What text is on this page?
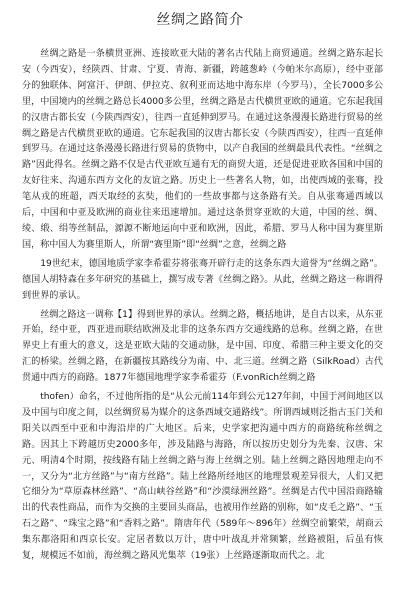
丝绸之路简介

丝绸之路是一条横贯亚洲、连接欧亚大陆的著名古代陆上商贸通道。丝绸之路东起长安（今西安），经陕西、甘肃、宁夏、青海、新疆，跨越葱岭（今帕米尔高原），经中亚部分的独联体、阿富汗、伊朗、伊拉克、叙利亚而达地中海东岸（今罗马），全长7000多公里，中国境内的丝绸之路总长4000多公里，丝绸之路是古代横贯亚欧的通道。它东起我国的汉唐古都长安（今陕西西安），往西一直延伸到罗马。在通过这条漫漫长路进行贸易的丝绸之路是古代横贯亚欧的通道。它东起我国的汉唐古都长安（今陕西西安），往西一直延伸到罗马。在通过这条漫漫长路进行贸易的货物中，以产自我国的丝绸最具代表性。“丝绸之路”因此得名。丝绸之路不仅是古代亚欧互通有无的商贸大道，还是促进亚欧各国和中国的友好往来、沟通东西方文化的友谊之路。历史上一些著名人物，如，出使西域的张骞，投笔从戎的班超，西天取经的玄奘，他们的一些故事都与这条路有关。自从张骞通西域以后，中国和中亚及欧洲的商业往来迅速增加。通过这条贯穿亚欧的大道，中国的丝、绸、绫、缎、绢等丝制品，源源不断地运向中亚和欧洲，因此，希腊、罗马人称中国为赛里斯国，称中国人为赛里斯人，所谓“赛里斯”即“丝绸”之意，丝绸之路

19世纪末，德国地质学家李希霍芬将张骞开辟行走的这条东西大道誉为“丝绸之路”。德国人胡特森在多年研究的基础上，撰写成专著《丝绸之路》。从此，丝绸之路这一称谓得到世界的承认。

丝绸之路这一调称【1】得到世界的承认。丝绸之路，概括地讲，是自古以来，从东亚开始，经中亚，西亚进而联结欧洲及北非的这条东西方交通线路的总称。丝绸之路，在世界史上有重大的意义，这是亚欧大陆的交通动脉，是中国、印度、希腊三种主要文化的交汇的桥梁。丝绸之路，在新疆按其路线分为南、中、北三道。丝绸之路（SilkRoad）古代贯通中西方的商路。1877年德国地理学家李希霍芬（F.vonRich丝绸之路

thofen）命名，不过他所指的是“从公元前114年到公元127年间，中国于河间地区以及中国与印度之间，以丝绸贸易为媒介的这条西域交通路线”。所谓西域则泛指古玉门关和阳关以西至中亚和中海沿岸的广大地区。后来，史学家把沟通中西方的商路统称丝绸之路。因其上下跨越历史2000多年，涉及陆路与海路，所以按历史划分为先秦、汉唐、宋元、明清4个时期，按线路有陆上丝绸之路与海上丝绸之别。陆上丝绸之路因地理走向不一，又分为“北方丝路”与“南方丝路”。陆上丝路所经地区的地理景观差异很大，人们又把它细分为“草原森林丝路”、“高山峡谷丝路”和“沙漠绿洲丝路”。丝绸是古代中国沿商路输出的代表性商品，而作为交换的主要回头商品，也被用作丝路的别称，如“皮毛之路”、“玉石之路”、“珠宝之路”和“香料之路”。隋唐年代（589年～896年）丝绸空前繁荣，胡商云集东都洛阳和西京长安。定居者数以万计，唐中叶战乱并常频繁，丝路被阻，后虽有恢复，规模远不如前，海丝绸之路风光集萃（19张）上丝路逐渐取而代之。北
